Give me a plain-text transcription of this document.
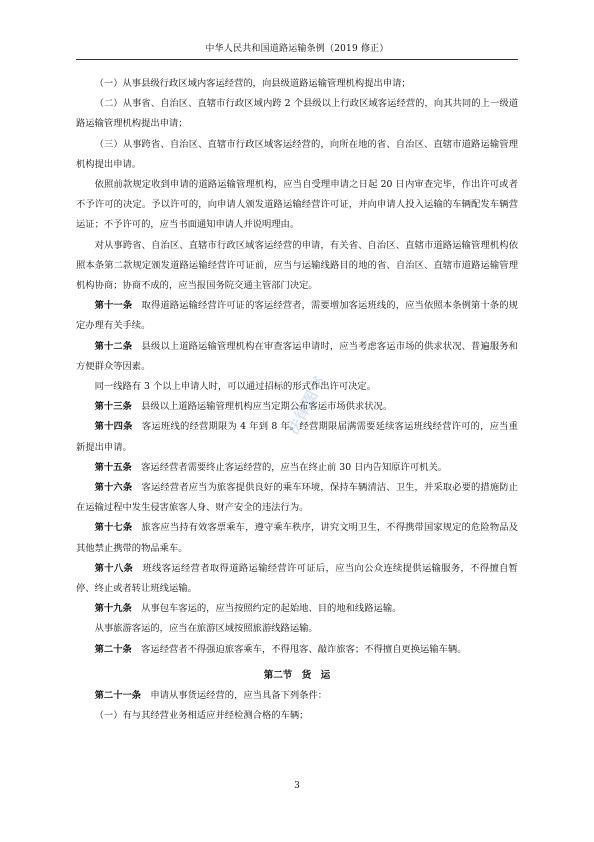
中华人民共和国道路运输条例（2019 修正）
法律图书

（一）从事县级行政区域内客运经营的，向县级道路运输管理机构提出申请；

（二）从事省、自治区、直辖市行政区域内跨 2 个县级以上行政区域客运经营的，向其共同的上一级道路运输管理机构提出申请；

（三）从事跨省、自治区、直辖市行政区域客运经营的，向所在地的省、自治区、直辖市道路运输管理机构提出申请。

依照前款规定收到申请的道路运输管理机构，应当自受理申请之日起 20 日内审查完毕，作出许可或者不予许可的决定。予以许可的，向申请人颁发道路运输经营许可证，并向申请人投入运输的车辆配发车辆营运证；不予许可的，应当书面通知申请人并说明理由。

对从事跨省、自治区、直辖市行政区域客运经营的申请，有关省、自治区、直辖市道路运输管理机构依照本条第二款规定颁发道路运输经营许可证前，应当与运输线路目的地的省、自治区、直辖市道路运输管理机构协商；协商不成的，应当报国务院交通主管部门决定。

第十一条 取得道路运输经营许可证的客运经营者，需要增加客运班线的，应当依照本条例第十条的规定办理有关手续。

第十二条 县级以上道路运输管理机构在审查客运申请时，应当考虑客运市场的供求状况、普遍服务和方便群众等因素。

同一线路有 3 个以上申请人时，可以通过招标的形式作出许可决定。

第十三条 县级以上道路运输管理机构应当定期公布客运市场供求状况。

第十四条 客运班线的经营期限为 4 年到 8 年。经营期限届满需要延续客运班线经营许可的，应当重新提出申请。

第十五条 客运经营者需要终止客运经营的，应当在终止前 30 日内告知原许可机关。

第十六条 客运经营者应当为旅客提供良好的乘车环境，保持车辆清洁、卫生，并采取必要的措施防止在运输过程中发生侵害旅客人身、财产安全的违法行为。

第十七条 旅客应当持有效客票乘车，遵守乘车秩序，讲究文明卫生，不得携带国家规定的危险物品及其他禁止携带的物品乘车。

第十八条 班线客运经营者取得道路运输经营许可证后，应当向公众连续提供运输服务，不得擅自暂停、终止或者转让班线运输。

第十九条 从事包车客运的，应当按照约定的起始地、目的地和线路运输。

从事旅游客运的，应当在旅游区域按照旅游线路运输。

第二十条 客运经营者不得强迫旅客乘车，不得甩客、敲诈旅客；不得擅自更换运输车辆。

第二节　货　运

第二十一条 申请从事货运经营的，应当具备下列条件：

（一）有与其经营业务相适应并经检测合格的车辆；

3
